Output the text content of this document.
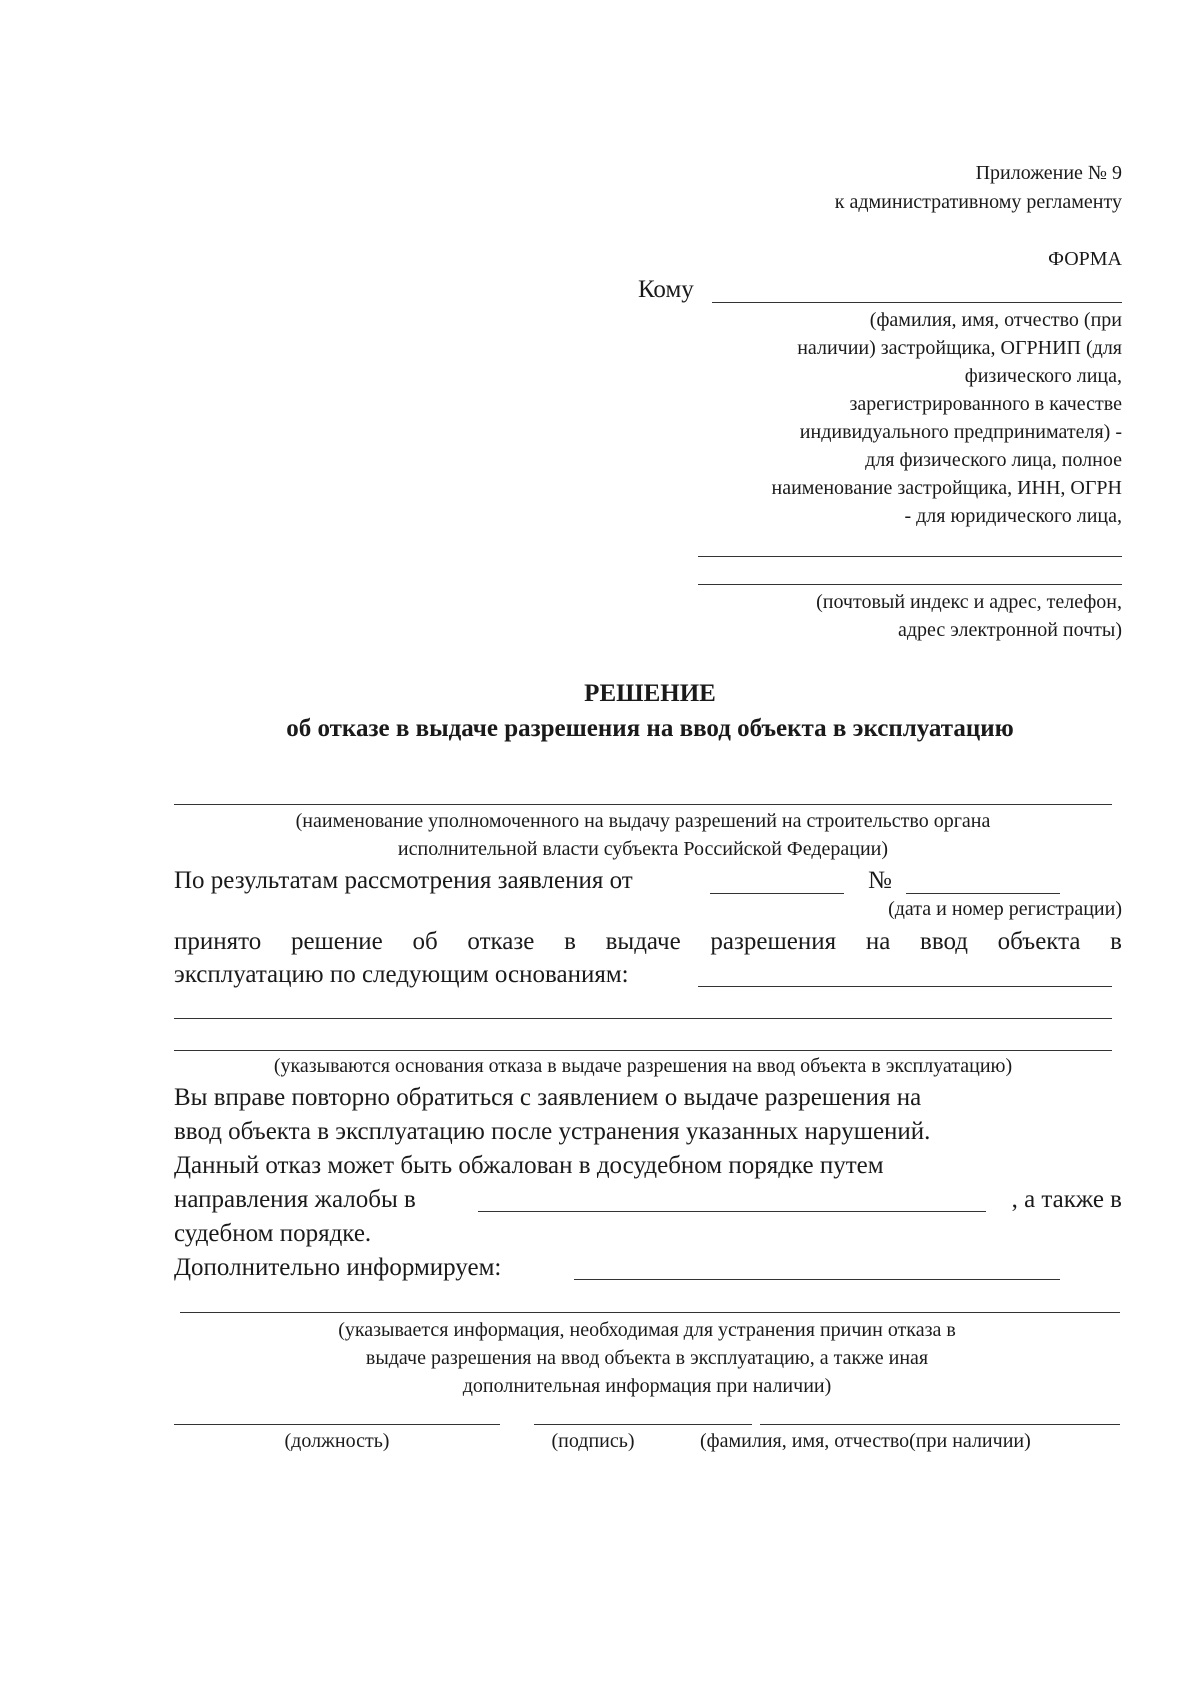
Приложение № 9
к административному регламенту
ФОРМА
Кому
(фамилия, имя, отчество (при
наличии) застройщика, ОГРНИП (для
физического лица,
зарегистрированного в качестве
индивидуального предпринимателя) -
для физического лица, полное
наименование застройщика, ИНН, ОГРН
- для юридического лица,
(почтовый индекс и адрес, телефон,
адрес электронной почты)
РЕШЕНИЕ
об отказе в выдаче разрешения на ввод объекта в эксплуатацию
(наименование уполномоченного на выдачу разрешений на строительство органа
исполнительной власти субъекта Российской Федерации)
По результатам рассмотрения заявления от	№
(дата и номер регистрации)
принято решение об отказе в выдаче разрешения на ввод объекта в
эксплуатацию по следующим основаниям:
(указываются основания отказа в выдаче разрешения на ввод объекта в эксплуатацию)
Вы вправе повторно обратиться с заявлением о выдаче разрешения на
ввод объекта в эксплуатацию после устранения указанных нарушений.
Данный отказ может быть обжалован в досудебном порядке путем
направления жалобы в	, а также в
судебном порядке.
Дополнительно информируем:
(указывается информация, необходимая для устранения причин отказа в
выдаче разрешения на ввод объекта в эксплуатацию, а также иная
дополнительная информация при наличии)
(должность)	(подпись)	(фамилия, имя, отчество(при наличии)
